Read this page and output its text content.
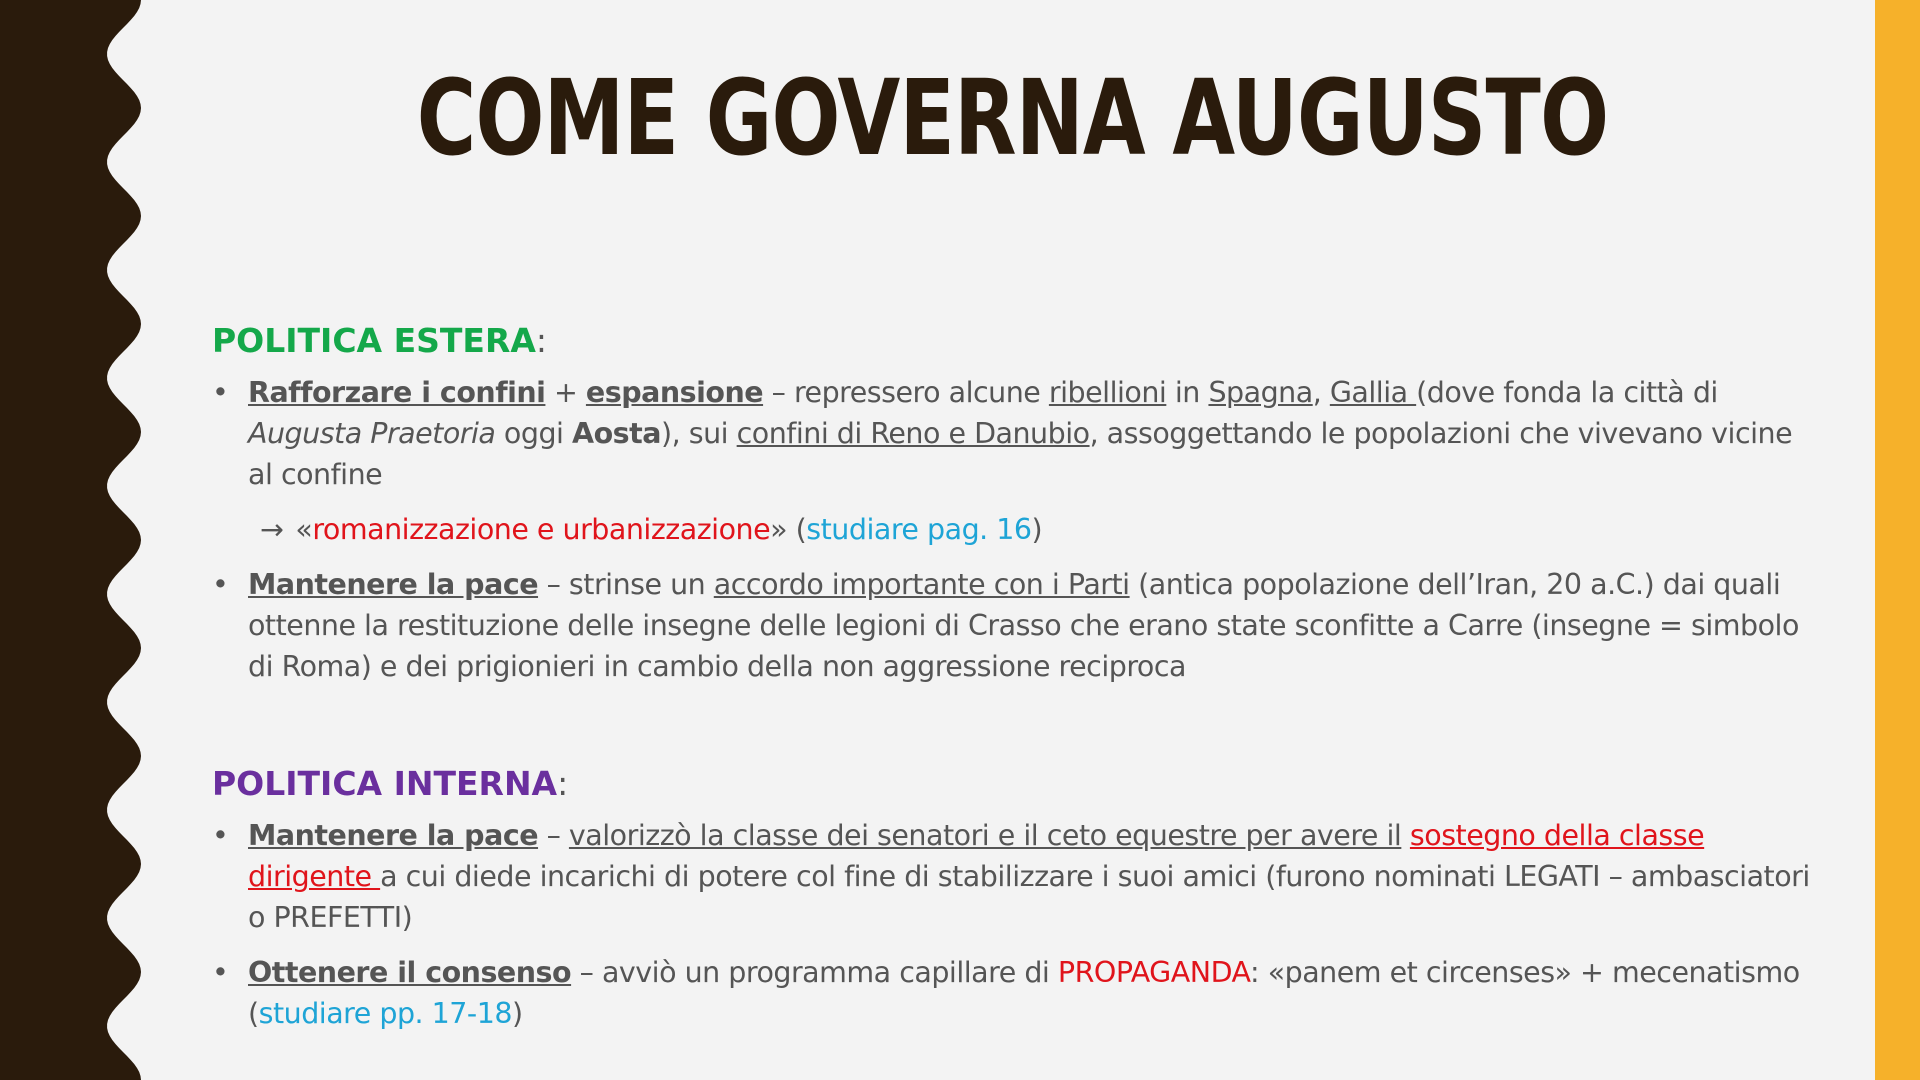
COME GOVERNA AUGUSTO
POLITICA ESTERA:
• Rafforzare i confini + espansione – repressero alcune ribellioni in Spagna, Gallia (dove fonda la città di Augusta Praetoria oggi Aosta), sui confini di Reno e Danubio, assoggettando le popolazioni che vivevano vicine al confine
→ «romanizzazione e urbanizzazione» (studiare pag. 16)
• Mantenere la pace – strinse un accordo importante con i Parti (antica popolazione dell’Iran, 20 a.C.) dai quali ottenne la restituzione delle insegne delle legioni di Crasso che erano state sconfitte a Carre (insegne = simbolo di Roma) e dei prigionieri in cambio della non aggressione reciproca
POLITICA INTERNA:
• Mantenere la pace – valorizzò la classe dei senatori e il ceto equestre per avere il sostegno della classe dirigente a cui diede incarichi di potere col fine di stabilizzare i suoi amici (furono nominati LEGATI – ambasciatori o PREFETTI)
• Ottenere il consenso – avviò un programma capillare di PROPAGANDA: «panem et circenses» + mecenatismo (studiare pp. 17-18)
